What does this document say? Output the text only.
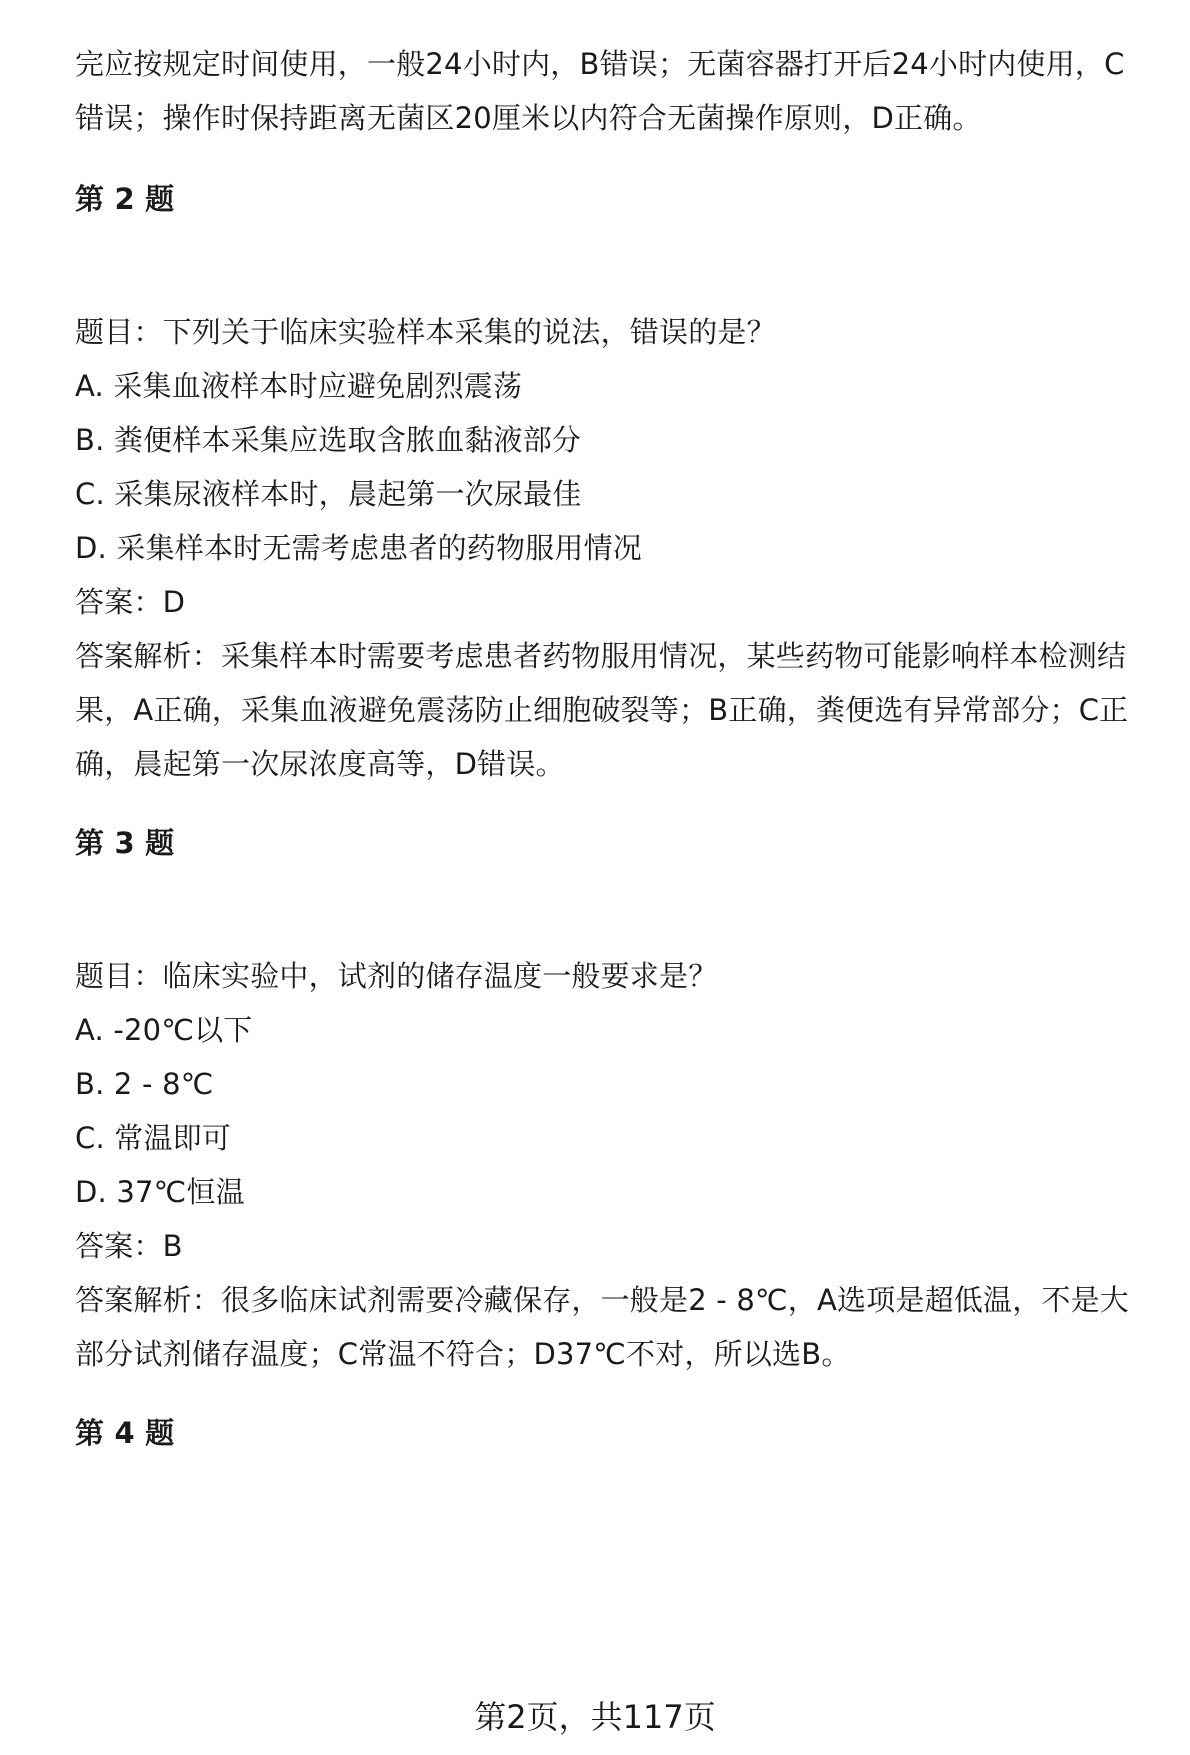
完应按规定时间使用，一般24小时内，B错误；无菌容器打开后24小时内使用，C
错误；操作时保持距离无菌区20厘米以内符合无菌操作原则，D正确。
第 2 题
题目：下列关于临床实验样本采集的说法，错误的是？
A. 采集血液样本时应避免剧烈震荡
B. 粪便样本采集应选取含脓血黏液部分
C. 采集尿液样本时，晨起第一次尿最佳
D. 采集样本时无需考虑患者的药物服用情况
答案：D
答案解析：采集样本时需要考虑患者药物服用情况，某些药物可能影响样本检测结
果，A正确，采集血液避免震荡防止细胞破裂等；B正确，粪便选有异常部分；C正
确，晨起第一次尿浓度高等，D错误。
第 3 题
题目：临床实验中，试剂的储存温度一般要求是？
A. -20℃以下
B. 2 - 8℃
C. 常温即可
D. 37℃恒温
答案：B
答案解析：很多临床试剂需要冷藏保存，一般是2 - 8℃，A选项是超低温，不是大
部分试剂储存温度；C常温不符合；D37℃不对，所以选B。
第 4 题
第2页，共117页
